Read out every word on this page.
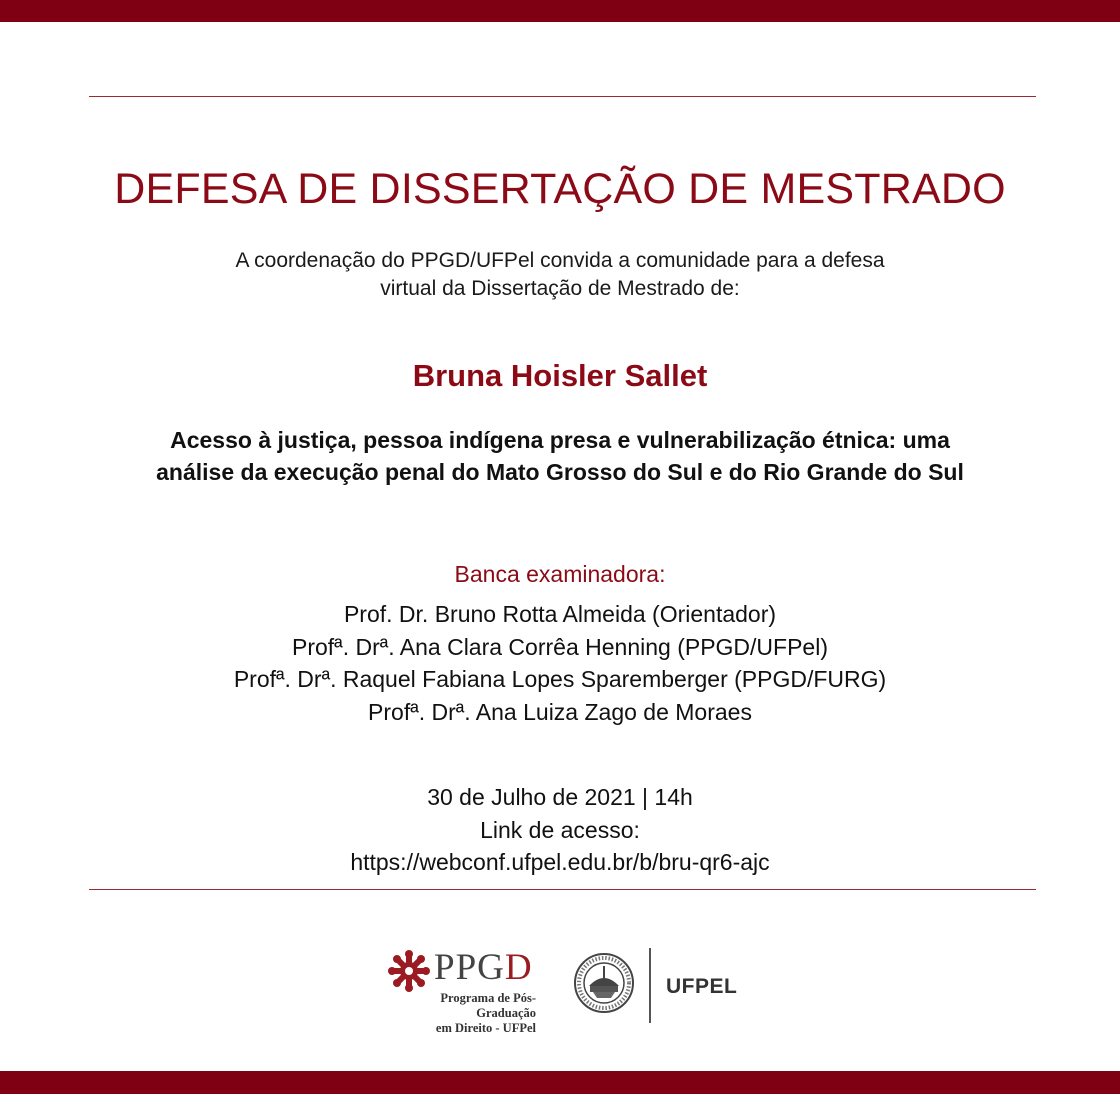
DEFESA DE DISSERTAÇÃO DE MESTRADO
A coordenação do PPGD/UFPel convida a comunidade para a defesa
virtual da Dissertação de Mestrado de:
Bruna Hoisler Sallet
Acesso à justiça, pessoa indígena presa e vulnerabilização étnica: uma
análise da execução penal do Mato Grosso do Sul e do Rio Grande do Sul
Banca examinadora:
Prof. Dr. Bruno Rotta Almeida (Orientador)
Profª. Drª. Ana Clara Corrêa Henning (PPGD/UFPel)
Profª. Drª. Raquel Fabiana Lopes Sparemberger (PPGD/FURG)
Profª. Drª. Ana Luiza Zago de Moraes
30 de Julho de 2021 | 14h
Link de acesso:
https://webconf.ufpel.edu.br/b/bru-qr6-ajc
PPGD
Programa de Pós-Graduação
em Direito - UFPel
UFPEL
